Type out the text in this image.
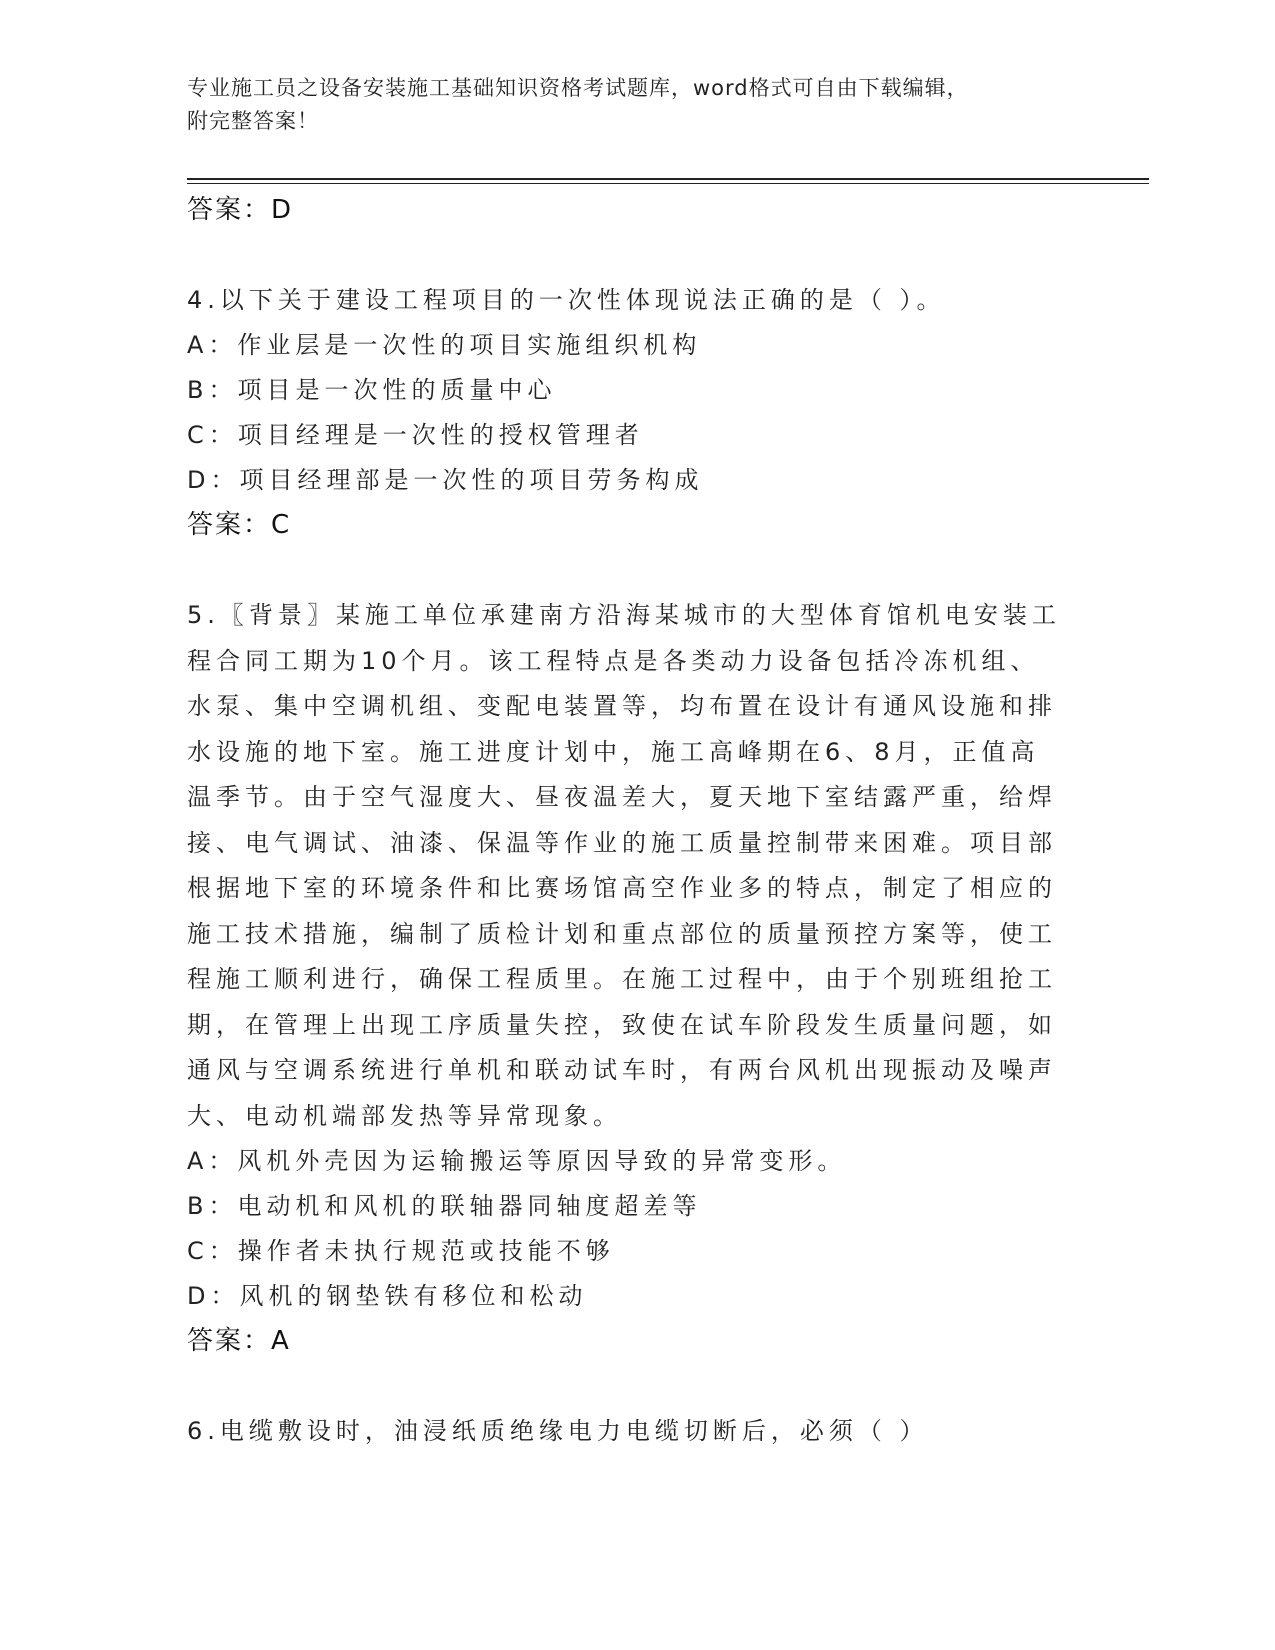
专业施工员之设备安装施工基础知识资格考试题库，word格式可自由下载编辑，
附完整答案！
答案：D
4.以下关于建设工程项目的一次性体现说法正确的是（ ）。
A：作业层是一次性的项目实施组织机构
B：项目是一次性的质量中心
C：项目经理是一次性的授权管理者
D：项目经理部是一次性的项目劳务构成
答案：C
5.〖背景〗某施工单位承建南方沿海某城市的大型体育馆机电安装工程合同工期为10个月。该工程特点是各类动力设备包括冷冻机组、水泵、集中空调机组、变配电装置等，均布置在设计有通风设施和排水设施的地下室。施工进度计划中，施工高峰期在6、8月，正值高温季节。由于空气湿度大、昼夜温差大，夏天地下室结露严重，给焊接、电气调试、油漆、保温等作业的施工质量控制带来困难。项目部根据地下室的环境条件和比赛场馆高空作业多的特点，制定了相应的施工技术措施，编制了质检计划和重点部位的质量预控方案等，使工程施工顺利进行，确保工程质里。在施工过程中，由于个别班组抢工期，在管理上出现工序质量失控，致使在试车阶段发生质量问题，如通风与空调系统进行单机和联动试车时，有两台风机出现振动及噪声大、电动机端部发热等异常现象。
A：风机外壳因为运输搬运等原因导致的异常变形。
B：电动机和风机的联轴器同轴度超差等
C：操作者未执行规范或技能不够
D：风机的钢垫铁有移位和松动
答案：A
6.电缆敷设时，油浸纸质绝缘电力电缆切断后，必须（ ）
